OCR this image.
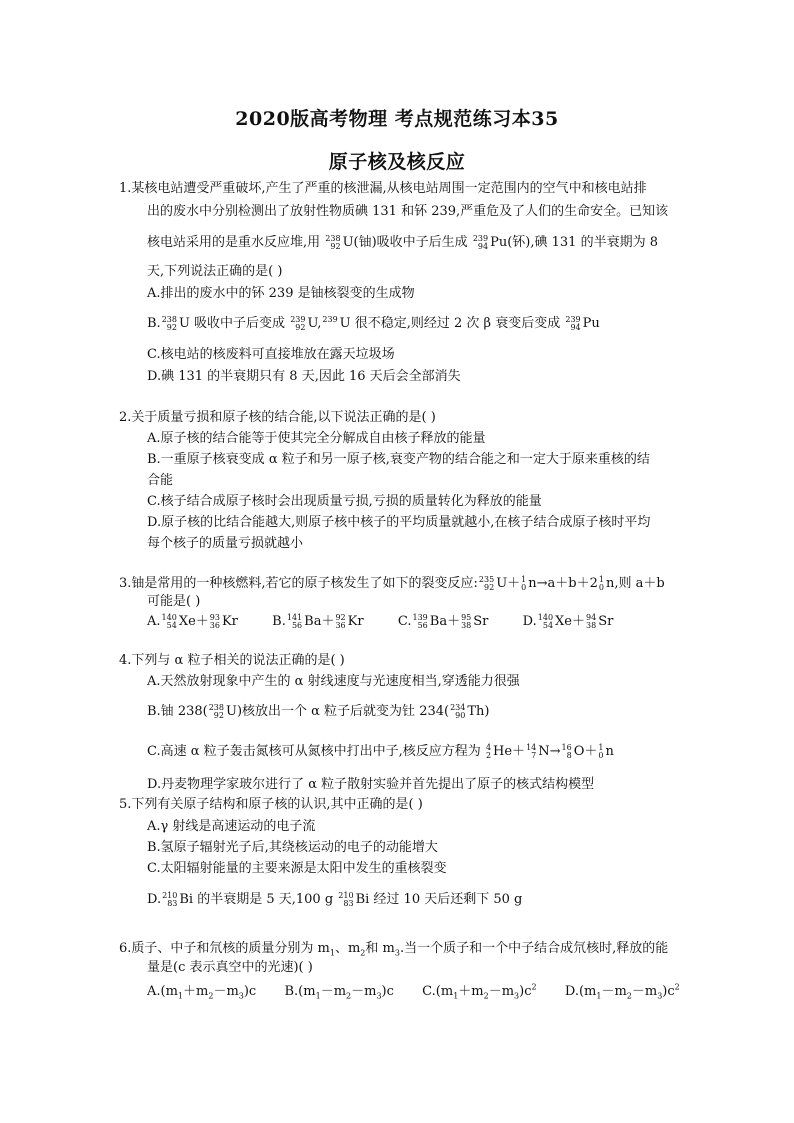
2020版高考物理 考点规范练习本35
原子核及核反应
1.某核电站遭受严重破坏,产生了严重的核泄漏,从核电站周围一定范围内的空气中和核电站排
出的废水中分别检测出了放射性物质碘 131 和钚 239,严重危及了人们的生命安全。已知该
核电站采用的是重水反应堆,用 238
92 U(铀)吸收中子后生成 239
94 Pu(钚),碘 131 的半衰期为 8
天,下列说法正确的是( )
A.排出的废水中的钚 239 是铀核裂变的生成物
B. 238
92 U 吸收中子后变成 239
92 U, 239
U 很不稳定,则经过 2 次 β 衰变后变成 239
94 Pu
C.核电站的核废料可直接堆放在露天垃圾场
D.碘 131 的半衰期只有 8 天,因此 16 天后会全部消失
2.关于质量亏损和原子核的结合能,以下说法正确的是( )
A.原子核的结合能等于使其完全分解成自由核子释放的能量
B.一重原子核衰变成 α 粒子和另一原子核,衰变产物的结合能之和一定大于原来重核的结
合能
C.核子结合成原子核时会出现质量亏损,亏损的质量转化为释放的能量
D.原子核的比结合能越大,则原子核中核子的平均质量就越小,在核子结合成原子核时平均
每个核子的质量亏损就越小
3.铀是常用的一种核燃料,若它的原子核发生了如下的裂变反应: 235
92 U＋ 1
0 n→a＋b＋2 1
0 n,则 a＋b
可能是( )
A. 140
54 Xe＋ 93
36 Kr	B. 141
56 Ba＋ 92
36 Kr	C. 139
56 Ba＋ 95
38 Sr	D. 140
54 Xe＋ 94
38 Sr
4.下列与 α 粒子相关的说法正确的是( )
A.天然放射现象中产生的 α 射线速度与光速度相当,穿透能力很强
B.铀 238( 238
92 U)核放出一个 α 粒子后就变为钍 234( 234
90 Th)
C.高速 α 粒子轰击氮核可从氮核中打出中子,核反应方程为 4
2 He＋ 14
7 N→ 16
8 O＋ 1
0 n
D.丹麦物理学家玻尔进行了 α 粒子散射实验并首先提出了原子的核式结构模型
5.下列有关原子结构和原子核的认识,其中正确的是( )
A.γ 射线是高速运动的电子流
B.氢原子辐射光子后,其绕核运动的电子的动能增大
C.太阳辐射能量的主要来源是太阳中发生的重核裂变
D. 210
83 Bi 的半衰期是 5 天,100 g 210
83 Bi 经过 10 天后还剩下 50 g
6.质子、中子和氘核的质量分别为 $m_1$、$m_2$和 $m_3$.当一个质子和一个中子结合成氘核时,释放的能
量是(c 表示真空中的光速)( )
$A.(m_1+m_2-m_3)c$ $B.(m_1-m_2-m_3)c$ $C.(m_1+m_2-m_3)c^2$ $D.(m_1-m_2-m_3)c^2$
